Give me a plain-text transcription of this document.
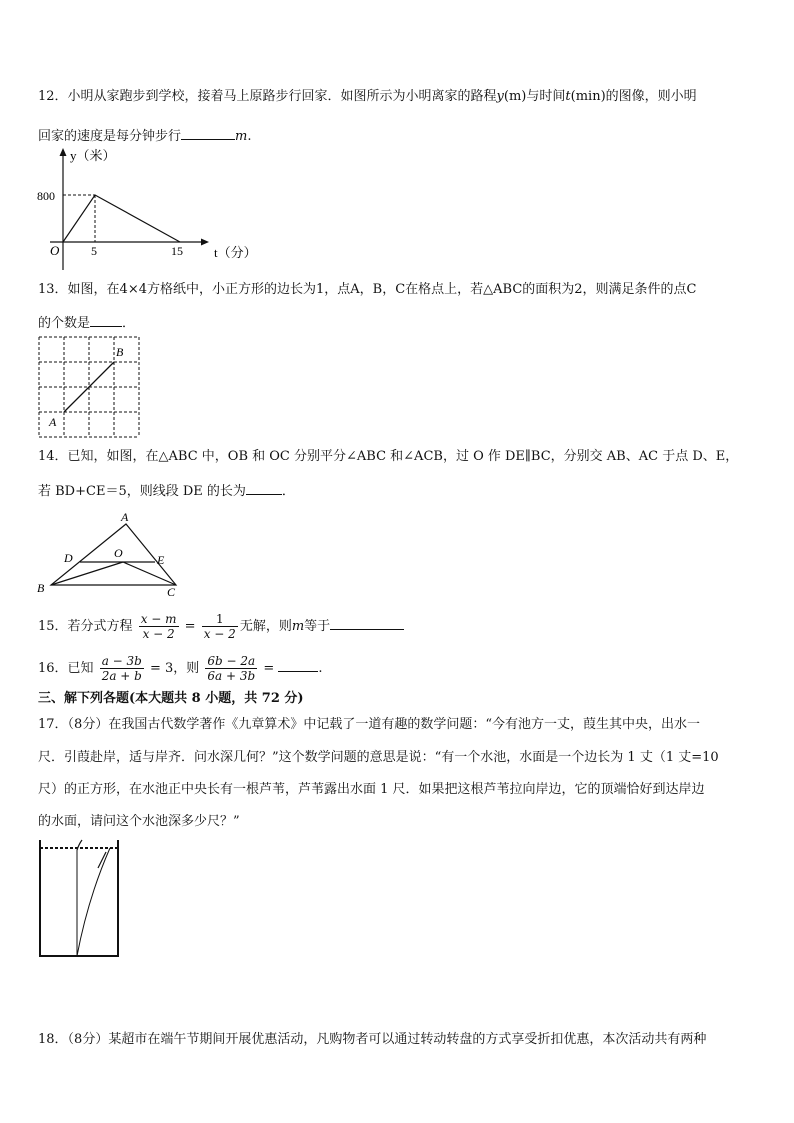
12．小明从家跑步到学校，接着马上原路步行回家．如图所示为小明离家的路程y(m)与时间t(min)的图像，则小明
回家的速度是每分钟步行	m.
y（米）
800
O	5	15 t（分）
13．如图，在4×4方格纸中，小正方形的边长为1，点A，B，C在格点上，若△ABC的面积为2，则满足条件的点C
的个数是 ．
B
A
14．已知，如图，在△ABC 中，OB 和 OC 分别平分∠ABC 和∠ACB，过 O 作 DE∥BC，分别交 AB、AC 于点 D、E，
若 BD+CE＝5，则线段 DE 的长为	．
A
D	O	E
B	C
15．若分式方程 $\frac{x - m}{x - 2} = \frac{1}{x - 2}$ 无解，则m等于
16．已知 $\frac{a - 3b}{2a + b} = 3$，则 $\frac{6b - 2a}{6a + 3b}$ =	.
三、解下列各题(本大题共 8 小题，共 72 分)
17．（8分）在我国古代数学著作《九章算术》中记载了一道有趣的数学问题：“今有池方一丈，葭生其中央，出水一
尺．引葭赴岸，适与岸齐．问水深几何？”这个数学问题的意思是说：“有一个水池，水面是一个边长为 1 丈（1 丈=10
尺）的正方形，在水池正中央长有一根芦苇，芦苇露出水面 1 尺．如果把这根芦苇拉向岸边，它的顶端恰好到达岸边
的水面，请问这个水池深多少尺？”
18．（8分）某超市在端午节期间开展优惠活动，凡购物者可以通过转动转盘的方式享受折扣优惠，本次活动共有两种
